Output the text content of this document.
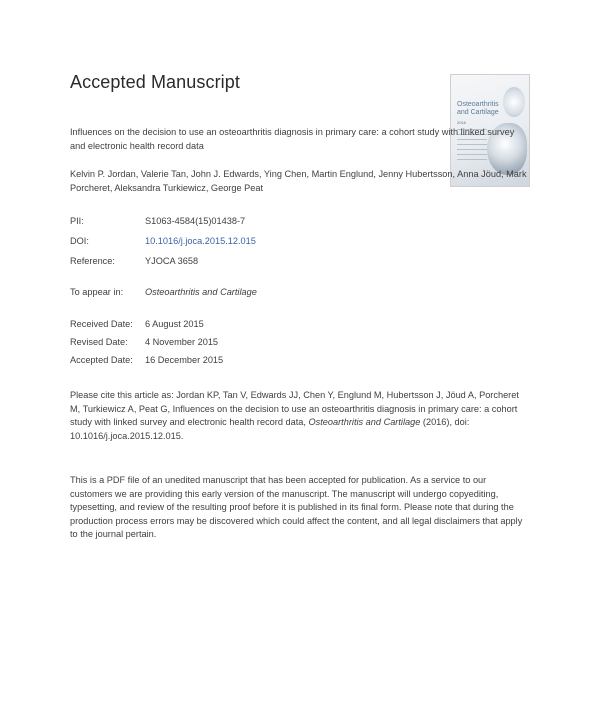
Accepted Manuscript
Osteoarthritis
and Cartilage
2016
Influences on the decision to use an osteoarthritis diagnosis in primary care: a cohort study with linked survey and electronic health record data
Kelvin P. Jordan, Valerie Tan, John J. Edwards, Ying Chen, Martin Englund, Jenny Hubertsson, Anna Jöud, Mark Porcheret, Aleksandra Turkiewicz, George Peat
PII:	S1063-4584(15)01438-7
DOI:	10.1016/j.joca.2015.12.015
Reference:	YJOCA 3658
To appear in: Osteoarthritis and Cartilage
Received Date: 6 August 2015
Revised Date: 4 November 2015
Accepted Date: 16 December 2015
Please cite this article as: Jordan KP, Tan V, Edwards JJ, Chen Y, Englund M, Hubertsson J, Jöud A, Porcheret M, Turkiewicz A, Peat G, Influences on the decision to use an osteoarthritis diagnosis in primary care: a cohort study with linked survey and electronic health record data, Osteoarthritis and Cartilage (2016), doi: 10.1016/j.joca.2015.12.015.
This is a PDF file of an unedited manuscript that has been accepted for publication. As a service to our customers we are providing this early version of the manuscript. The manuscript will undergo copyediting, typesetting, and review of the resulting proof before it is published in its final form. Please note that during the production process errors may be discovered which could affect the content, and all legal disclaimers that apply to the journal pertain.
